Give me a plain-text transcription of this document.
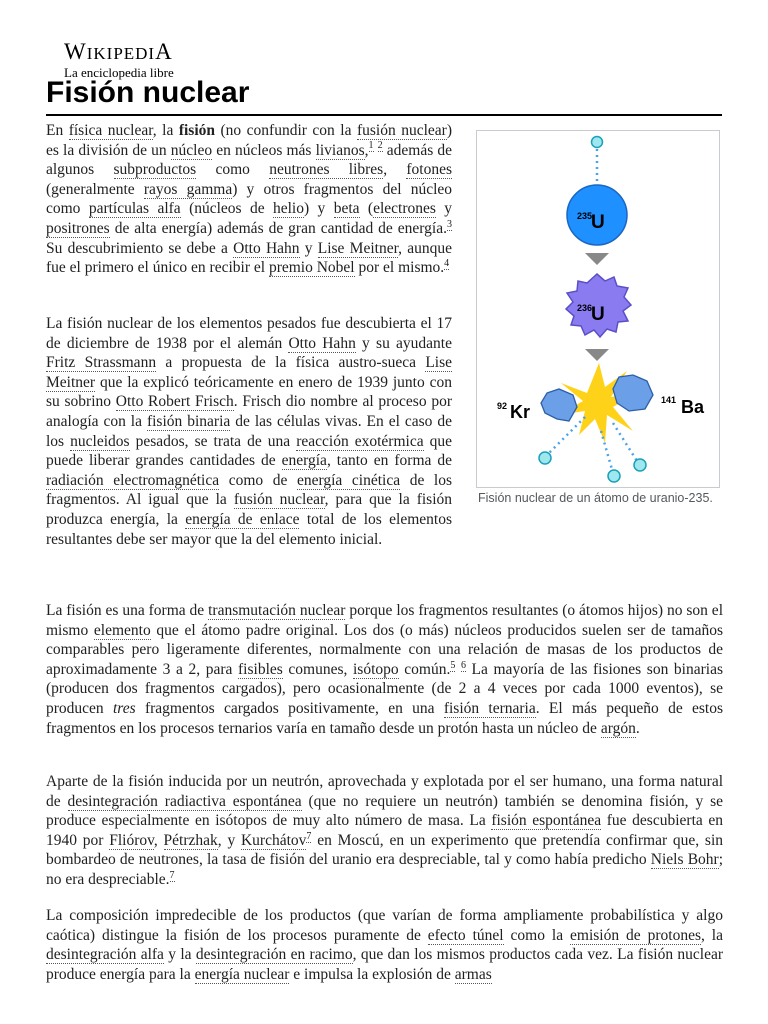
WIKIPEDIA
La enciclopedia libre
Fisión nuclear

En física nuclear, la fisión (no confundir con la fusión nuclear) es la división de un núcleo en núcleos más livianos,$^1$ $^2$ además de algunos subproductos como neutrones libres, fotones (generalmente rayos gamma) y otros fragmentos del núcleo como partículas alfa (núcleos de helio) y beta (electrones y positrones de alta energía) además de gran cantidad de energía.$^3$ Su descubrimiento se debe a Otto Hahn y Lise Meitner, aunque fue el primero el único en recibir el premio Nobel por el mismo.$^4$

La fisión nuclear de los elementos pesados fue descubierta el 17 de diciembre de 1938 por el alemán Otto Hahn y su ayudante Fritz Strassmann a propuesta de la física austro-sueca Lise Meitner que la explicó teóricamente en enero de 1939 junto con su sobrino Otto Robert Frisch. Frisch dio nombre al proceso por analogía con la fisión binaria de las células vivas. En el caso de los nucleidos pesados, se trata de una reacción exotérmica que puede liberar grandes cantidades de energía, tanto en forma de radiación electromagnética como de energía cinética de los fragmentos. Al igual que la fusión nuclear, para que la fisión produzca energía, la energía de enlace total de los elementos resultantes debe ser mayor que la del elemento inicial.

235
U
236
U
92 Kr
141 Ba
Fisión nuclear de un átomo de uranio-235.

La fisión es una forma de transmutación nuclear porque los fragmentos resultantes (o átomos hijos) no son el mismo elemento que el átomo padre original. Los dos (o más) núcleos producidos suelen ser de tamaños comparables pero ligeramente diferentes, normalmente con una relación de masas de los productos de aproximadamente 3 a 2, para fisibles comunes, isótopo común.$^5$ $^6$ La mayoría de las fisiones son binarias (producen dos fragmentos cargados), pero ocasionalmente (de 2 a 4 veces por cada 1000 eventos), se producen tres fragmentos cargados positivamente, en una fisión ternaria. El más pequeño de estos fragmentos en los procesos ternarios varía en tamaño desde un protón hasta un núcleo de argón.

Aparte de la fisión inducida por un neutrón, aprovechada y explotada por el ser humano, una forma natural de desintegración radiactiva espontánea (que no requiere un neutrón) también se denomina fisión, y se produce especialmente en isótopos de muy alto número de masa. La fisión espontánea fue descubierta en 1940 por Fliórov, Pétrzhak, y Kurchátov$^7$ en Moscú, en un experimento que pretendía confirmar que, sin bombardeo de neutrones, la tasa de fisión del uranio era despreciable, tal y como había predicho Niels Bohr; no era despreciable.$^7$

La composición impredecible de los productos (que varían de forma ampliamente probabilística y algo caótica) distingue la fisión de los procesos puramente de efecto túnel como la emisión de protones, la desintegración alfa y la desintegración en racimo, que dan los mismos productos cada vez. La fisión nuclear produce energía para la energía nuclear e impulsa la explosión de armas
